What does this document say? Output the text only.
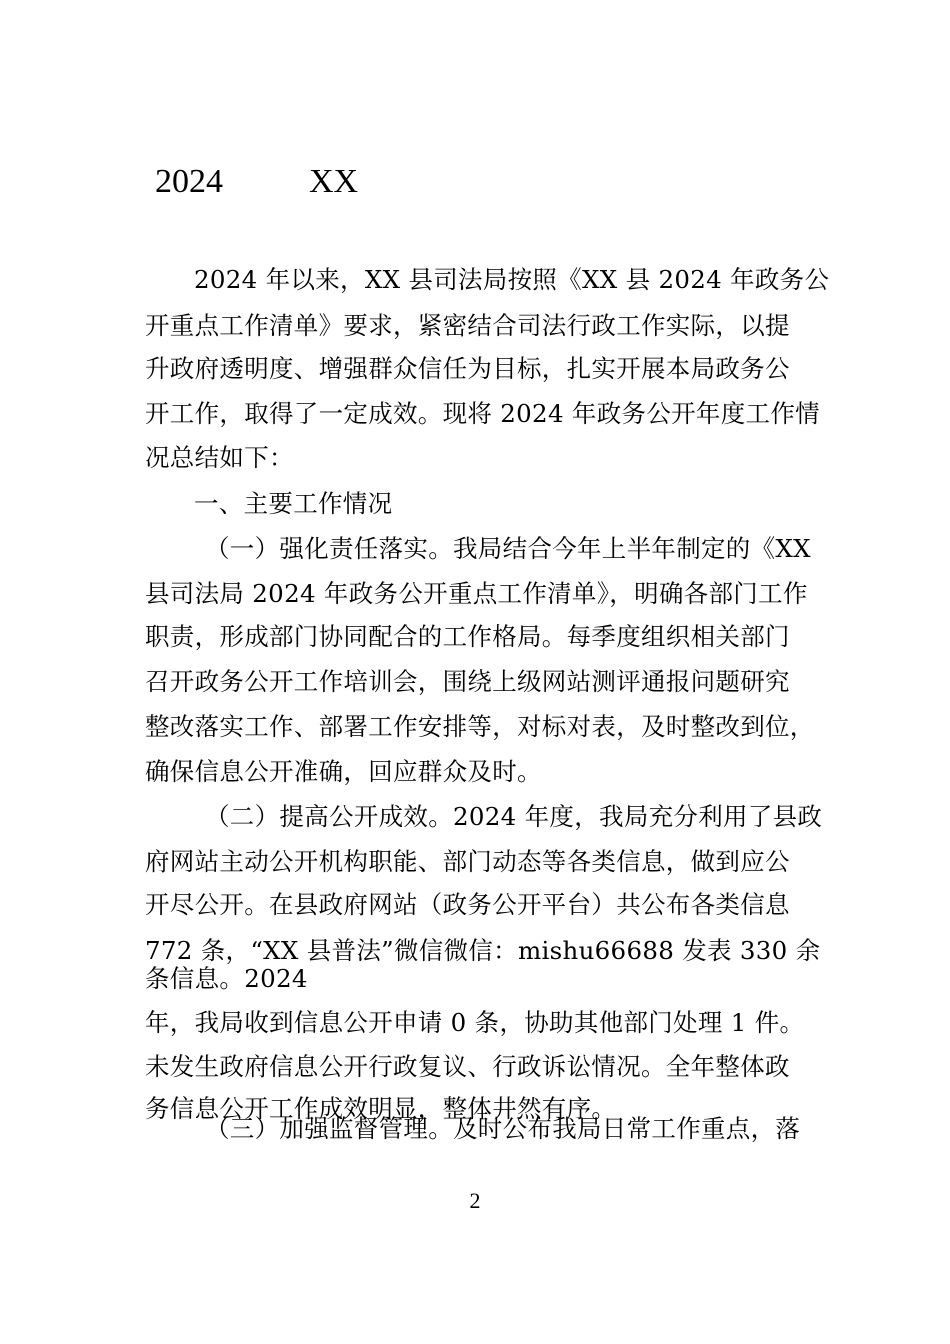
2024	XX
2024 年以来，XX 县司法局按照《XX 县 2024 年政务公
开重点工作清单》要求，紧密结合司法行政工作实际，以提
升政府透明度、增强群众信任为目标，扎实开展本局政务公
开工作，取得了一定成效。现将 2024 年政务公开年度工作情
况总结如下：
一、主要工作情况
（一）强化责任落实。我局结合今年上半年制定的《XX
县司法局 2024 年政务公开重点工作清单》，明确各部门工作
职责，形成部门协同配合的工作格局。每季度组织相关部门
召开政务公开工作培训会，围绕上级网站测评通报问题研究
整改落实工作、部署工作安排等，对标对表，及时整改到位，
确保信息公开准确，回应群众及时。
（二）提高公开成效。2024 年度，我局充分利用了县政
府网站主动公开机构职能、部门动态等各类信息，做到应公
开尽公开。在县政府网站（政务公开平台）共公布各类信息
772 条，“XX 县普法”微信微信：mishu66688 发表 330 余
条信息。2024
年，我局收到信息公开申请 0 条，协助其他部门处理 1 件。
未发生政府信息公开行政复议、行政诉讼情况。全年整体政
务信息公开工作成效明显，整体井然有序。
（三）加强监督管理。及时公布我局日常工作重点，落
2
